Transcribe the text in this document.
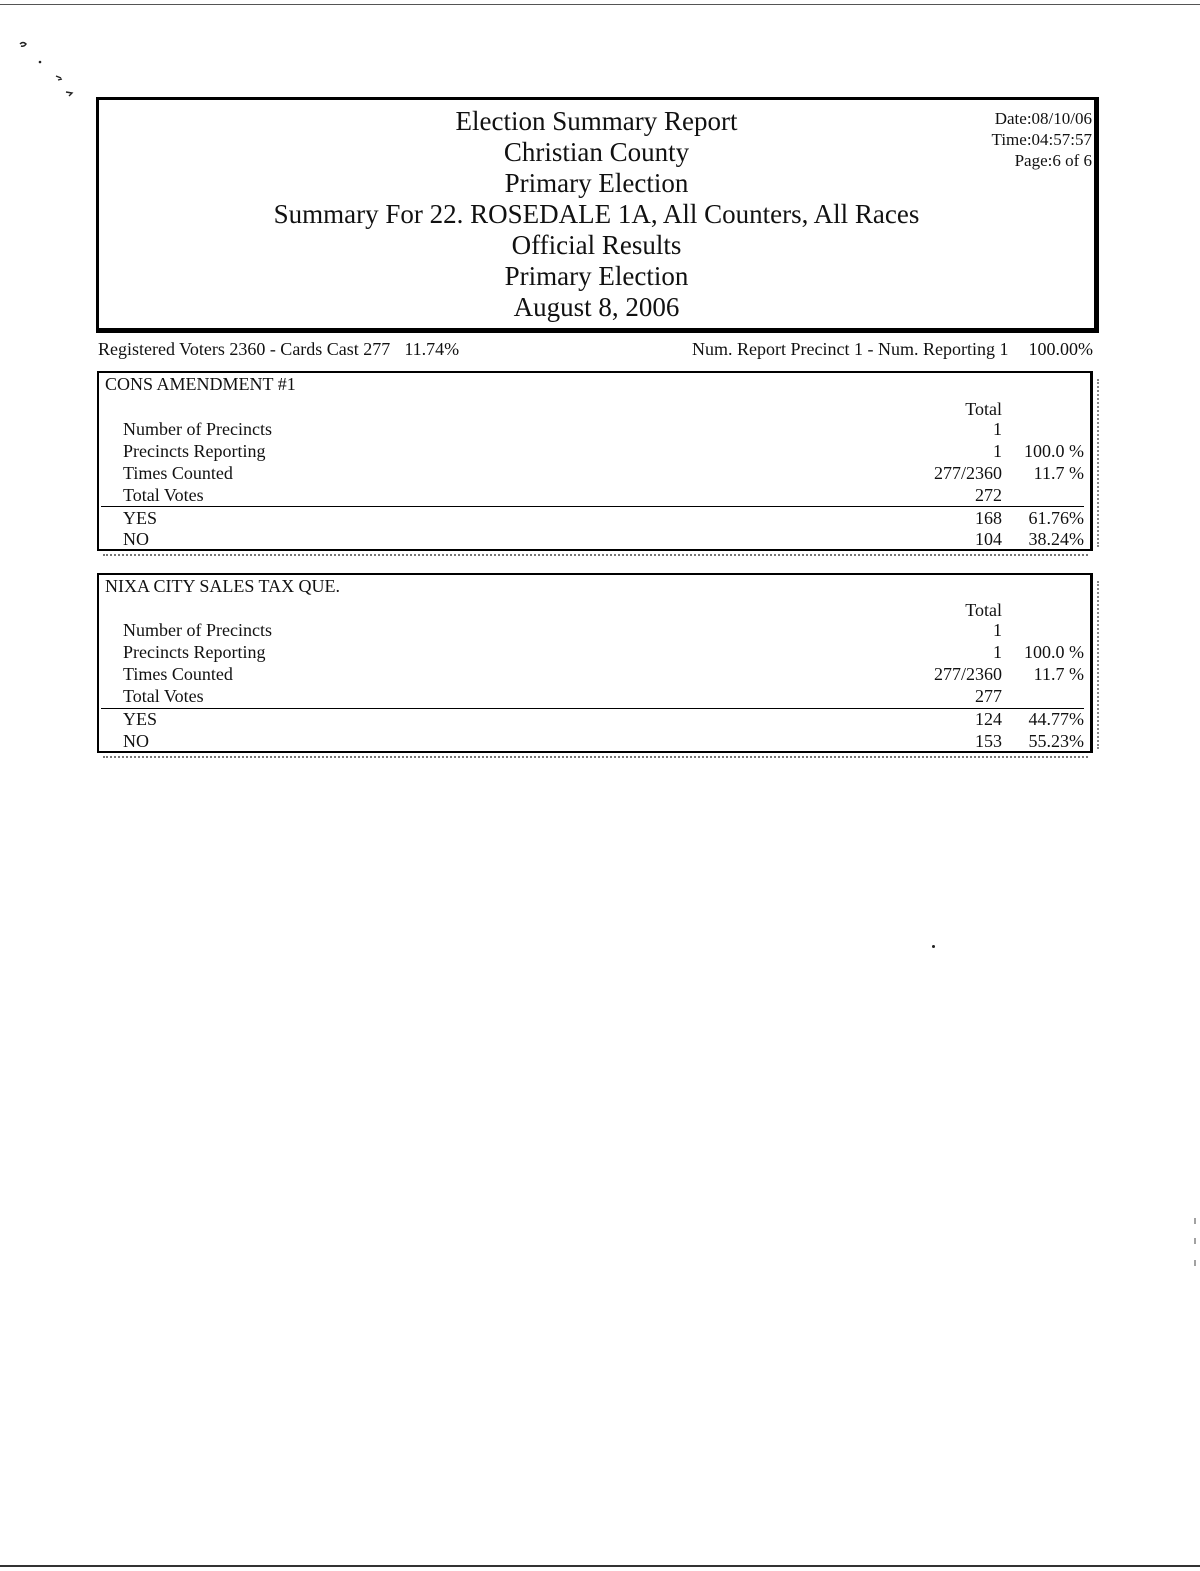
Election Summary Report
Christian County
Primary Election
Summary For 22. ROSEDALE 1A, All Counters, All Races
Official Results
Primary Election
August 8, 2006
Date:08/10/06
Time:04:57:57
Page:6 of 6
Registered Voters 2360 - Cards Cast 277 11.74%	Num. Report Precinct 1 - Num. Reporting 1 100.00%
CONS AMENDMENT #1
Total
Number of Precincts	1
Precincts Reporting	1 100.0 %
Times Counted	277/2360 11.7 %
Total Votes	272
YES	168 61.76%
NO	104 38.24%
NIXA CITY SALES TAX QUE.
Total
Number of Precincts	1
Precincts Reporting	1 100.0 %
Times Counted	277/2360 11.7 %
Total Votes	277
YES	124 44.77%
NO	153 55.23%
